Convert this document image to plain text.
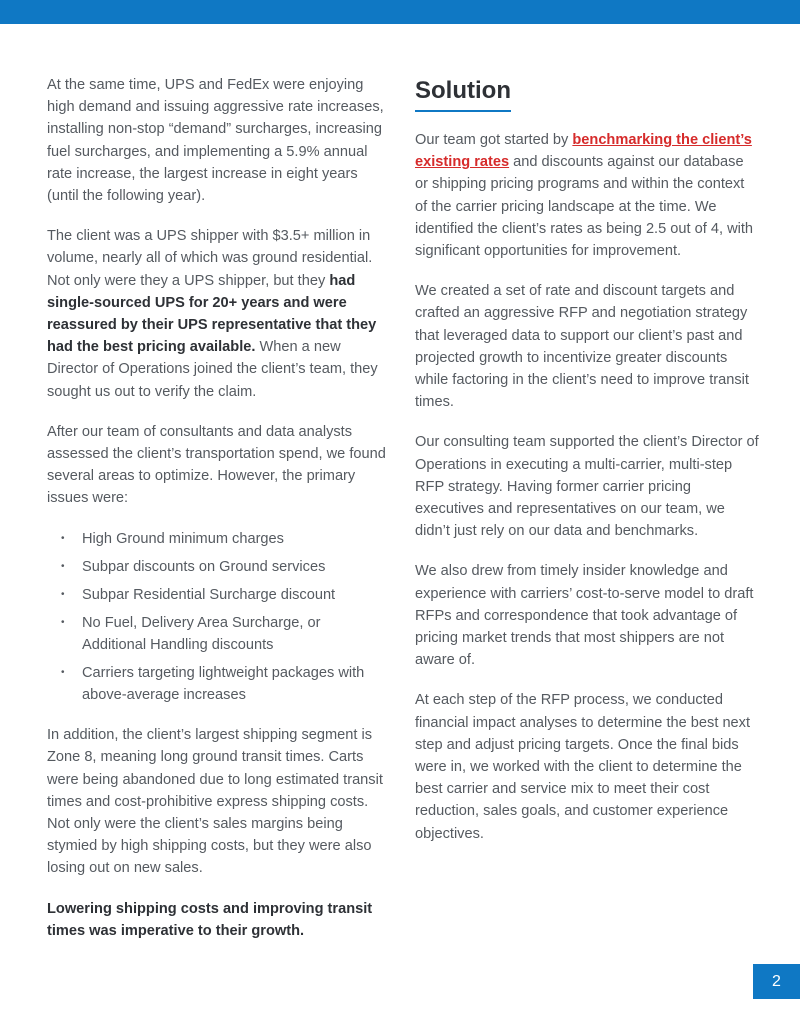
At the same time, UPS and FedEx were enjoying high demand and issuing aggressive rate increases, installing non-stop “demand” surcharges, increasing fuel surcharges, and implementing a 5.9% annual rate increase, the largest increase in eight years (until the following year).

The client was a UPS shipper with $3.5+ million in volume, nearly all of which was ground residential. Not only were they a UPS shipper, but they had single-sourced UPS for 20+ years and were reassured by their UPS representative that they had the best pricing available. When a new Director of Operations joined the client’s team, they sought us out to verify the claim.

After our team of consultants and data analysts assessed the client’s transportation spend, we found several areas to optimize. However, the primary issues were:

• High Ground minimum charges
• Subpar discounts on Ground services
• Subpar Residential Surcharge discount
• No Fuel, Delivery Area Surcharge, or Additional Handling discounts
• Carriers targeting lightweight packages with above-average increases

In addition, the client’s largest shipping segment is Zone 8, meaning long ground transit times. Carts were being abandoned due to long estimated transit times and cost-prohibitive express shipping costs. Not only were the client’s sales margins being stymied by high shipping costs, but they were also losing out on new sales.

Lowering shipping costs and improving transit times was imperative to their growth.

Solution

Our team got started by benchmarking the client’s existing rates and discounts against our database or shipping pricing programs and within the context of the carrier pricing landscape at the time. We identified the client’s rates as being 2.5 out of 4, with significant opportunities for improvement.

We created a set of rate and discount targets and crafted an aggressive RFP and negotiation strategy that leveraged data to support our client’s past and projected growth to incentivize greater discounts while factoring in the client’s need to improve transit times.

Our consulting team supported the client’s Director of Operations in executing a multi-carrier, multi-step RFP strategy. Having former carrier pricing executives and representatives on our team, we didn’t just rely on our data and benchmarks.

We also drew from timely insider knowledge and experience with carriers’ cost-to-serve model to draft RFPs and correspondence that took advantage of pricing market trends that most shippers are not aware of.

At each step of the RFP process, we conducted financial impact analyses to determine the best next step and adjust pricing targets. Once the final bids were in, we worked with the client to determine the best carrier and service mix to meet their cost reduction, sales goals, and customer experience objectives.

2
